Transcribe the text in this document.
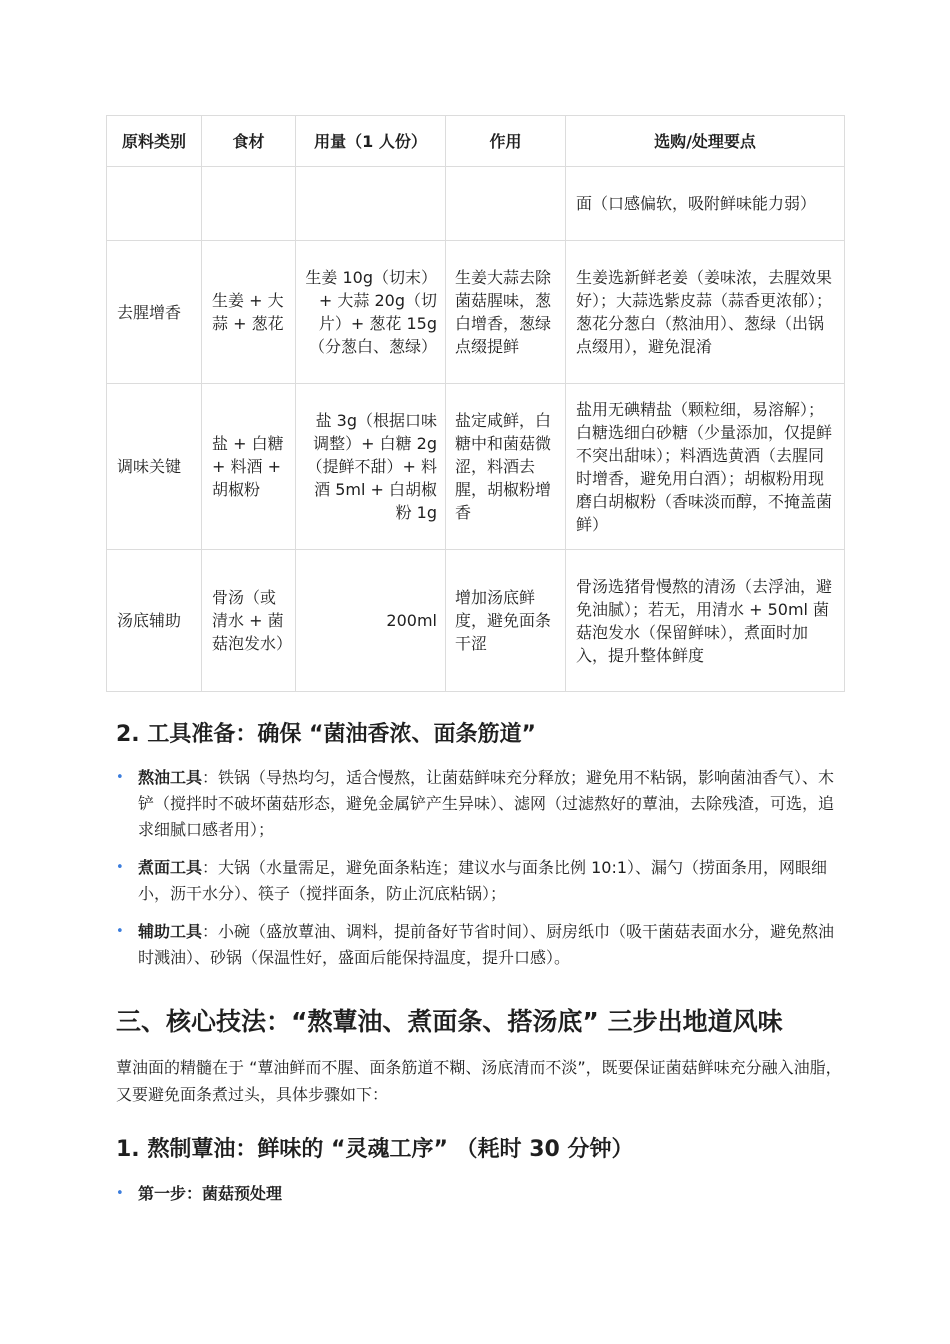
原料类别	食材	用量（1 人份）	作用	选购/处理要点
				面（口感偏软，吸附鲜味能力弱）
去腥增香	生姜 + 大蒜 + 葱花	生姜 10g（切末）+ 大蒜 20g（切片）+ 葱花 15g（分葱白、葱绿）	生姜大蒜去除菌菇腥味，葱白增香，葱绿点缀提鲜	生姜选新鲜老姜（姜味浓，去腥效果好）；大蒜选紫皮蒜（蒜香更浓郁）；葱花分葱白（熬油用）、葱绿（出锅点缀用），避免混淆
调味关键	盐 + 白糖 + 料酒 + 胡椒粉	盐 3g（根据口味调整）+ 白糖 2g（提鲜不甜）+ 料酒 5ml + 白胡椒粉 1g	盐定咸鲜，白糖中和菌菇微涩，料酒去腥，胡椒粉增香	盐用无碘精盐（颗粒细，易溶解）；白糖选细白砂糖（少量添加，仅提鲜不突出甜味）；料酒选黄酒（去腥同时增香，避免用白酒）；胡椒粉用现磨白胡椒粉（香味淡而醇，不掩盖菌鲜）
汤底辅助	骨汤（或清水 + 菌菇泡发水）	200ml	增加汤底鲜度，避免面条干涩	骨汤选猪骨慢熬的清汤（去浮油，避免油腻）；若无，用清水 + 50ml 菌菇泡发水（保留鲜味），煮面时加入，提升整体鲜度
2. 工具准备：确保 “菌油香浓、面条筋道”
• 熬油工具：铁锅（导热均匀，适合慢熬，让菌菇鲜味充分释放；避免用不粘锅，影响菌油香气）、木铲（搅拌时不破坏菌菇形态，避免金属铲产生异味）、滤网（过滤熬好的蕈油，去除残渣，可选，追求细腻口感者用）；
• 煮面工具：大锅（水量需足，避免面条粘连；建议水与面条比例 10:1）、漏勺（捞面条用，网眼细小，沥干水分）、筷子（搅拌面条，防止沉底粘锅）；
• 辅助工具：小碗（盛放蕈油、调料，提前备好节省时间）、厨房纸巾（吸干菌菇表面水分，避免熬油时溅油）、砂锅（保温性好，盛面后能保持温度，提升口感）。
三、核心技法：“熬蕈油、煮面条、搭汤底” 三步出地道风味

蕈油面的精髓在于 “蕈油鲜而不腥、面条筋道不糊、汤底清而不淡”，既要保证菌菇鲜味充分融入油脂，又要避免面条煮过头，具体步骤如下：

1. 熬制蕈油：鲜味的 “灵魂工序” （耗时 30 分钟）
• 第一步：菌菇预处理
